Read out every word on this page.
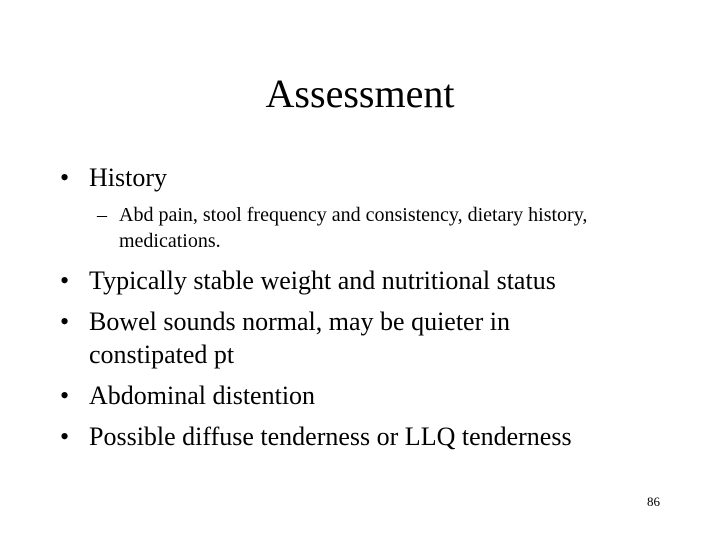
Assessment
• History
– Abd pain, stool frequency and consistency, dietary history, medications.
• Typically stable weight and nutritional status
• Bowel sounds normal, may be quieter in constipated pt
• Abdominal distention
• Possible diffuse tenderness or LLQ tenderness
86
